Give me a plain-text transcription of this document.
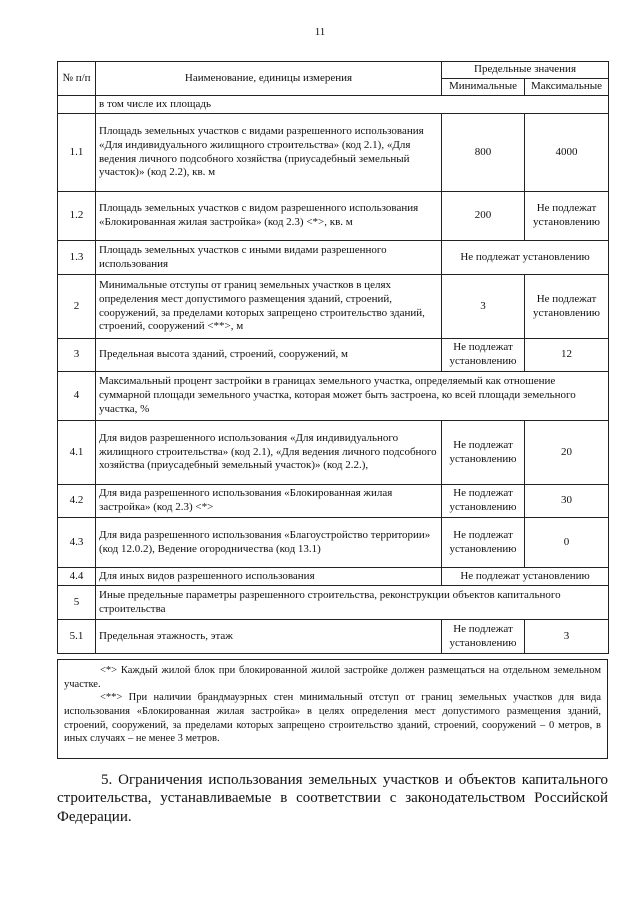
11
№ п/п	Наименование, единицы измерения	Предельные значения	
		Минимальные	Максимальные
	в том числе их площадь		
1.1	Площадь земельных участков с видами разрешенного использования «Для индивидуального жилищного строительства» (код 2.1), «Для ведения личного подсобного хозяйства (приусадебный земельный участок)» (код 2.2), кв. м	800	4000
1.2	Площадь земельных участков с видом разрешенного использования «Блокированная жилая застройка» (код 2.3) <*>, кв. м	200	Не подлежат установлению
1.3	Площадь земельных участков с иными видами разрешенного использования	Не подлежат установлению	
2	Минимальные отступы от границ земельных участков в целях определения мест допустимого размещения зданий, строений, сооружений, за пределами которых запрещено строительство зданий, строений, сооружений <**>, м	3	Не подлежат установлению
3	Предельная высота зданий, строений, сооружений, м	Не подлежат установлению	12
4	Максимальный процент застройки в границах земельного участка, определяемый как отношение суммарной площади земельного участка, которая может быть застроена, ко всей площади земельного участка, %		
4.1	Для видов разрешенного использования «Для индивидуального жилищного строительства» (код 2.1), «Для ведения личного подсобного хозяйства (приусадебный земельный участок)» (код 2.2.),	Не подлежат установлению	20
4.2	Для вида разрешенного использования «Блокированная жилая застройка» (код 2.3) <*>	Не подлежат установлению	30
4.3	Для вида разрешенного использования «Благоустройство территории» (код 12.0.2), Ведение огородничества (код 13.1)	Не подлежат установлению	0
4.4	Для иных видов разрешенного использования	Не подлежат установлению	
5	Иные предельные параметры разрешенного строительства, реконструкции объектов капитального строительства		
5.1	Предельная этажность, этаж	Не подлежат установлению	3

<*> Каждый жилой блок при блокированной жилой застройке должен размещаться на отдельном земельном участке.

<**> При наличии брандмауэрных стен минимальный отступ от границ земельных участков для вида использования «Блокированная жилая застройка» в целях определения мест допустимого размещения зданий, строений, сооружений, за пределами которых запрещено строительство зданий, строений, сооружений – 0 метров, в иных случаях – не менее 3 метров.

5. Ограничения использования земельных участков и объектов капитального строительства, устанавливаемые в соответствии с законодательством Российской Федерации.
